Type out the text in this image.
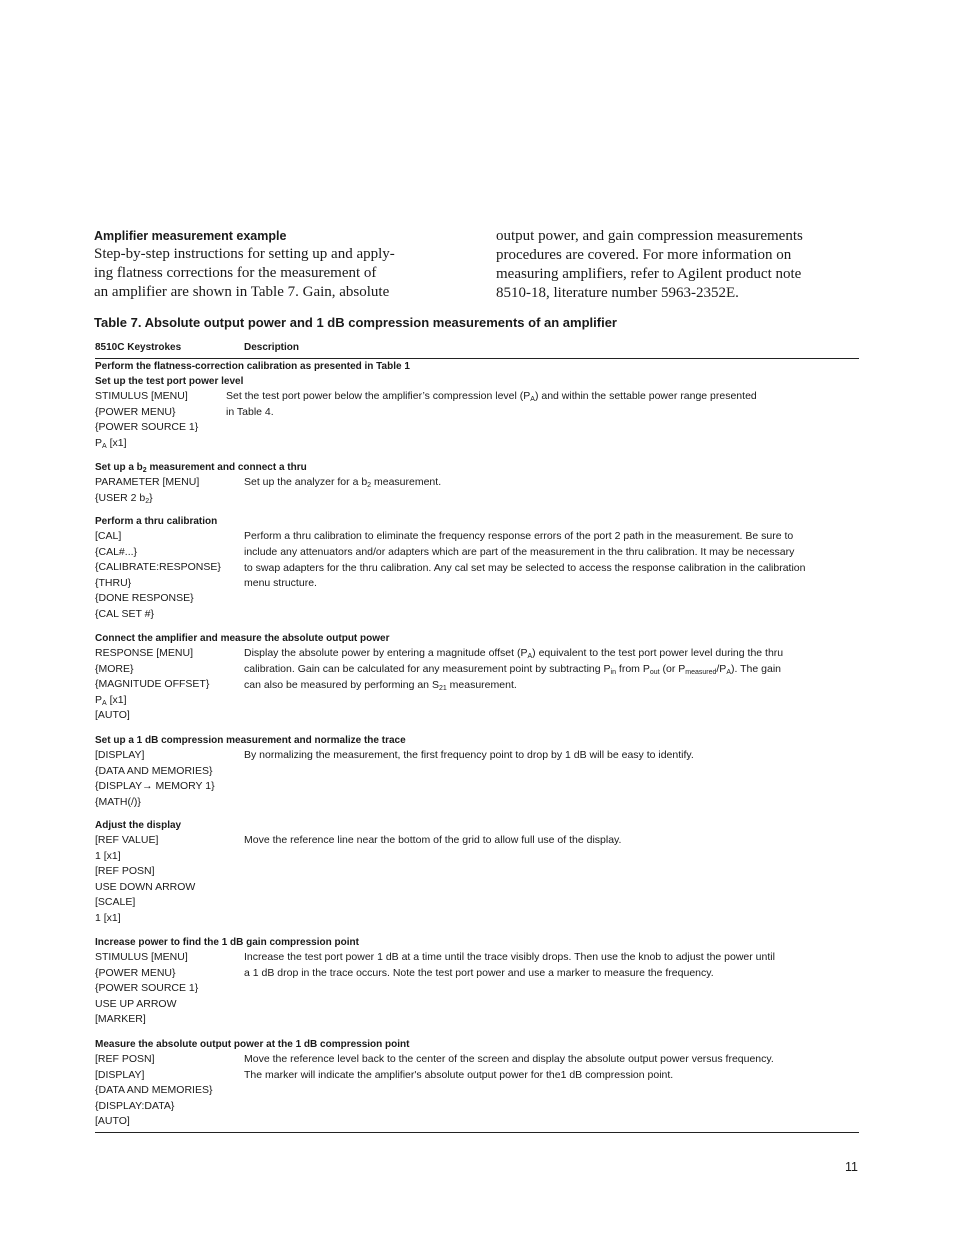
Amplifier measurement example

Step-by-step instructions for setting up and apply-
ing flatness corrections for the measurement of
an amplifier are shown in Table 7. Gain, absolute

output power, and gain compression measurements
procedures are covered. For more information on
measuring amplifiers, refer to Agilent product note
8510-18, literature number 5963-2352E.

Table 7. Absolute output power and 1 dB compression measurements of an amplifier

8510C Keystrokes	Description

Perform the flatness-correction calibration as presented in Table 1

Set up the test port power level

STIMULUS [MENU]
{POWER MENU}
{POWER SOURCE 1}
$P_A$ [x1]

Set the test port power below the amplifier’s compression level $(P_A)$ and within the settable power range presented
in Table 4.

Set up a $b_2$ measurement and connect a thru

PARAMETER [MENU]
{USER 2 $b_2$}

Set up the analyzer for a $b_2$ measurement.

Perform a thru calibration

[CAL]
{CAL#...}
{CALIBRATE:RESPONSE}
{THRU}
{DONE RESPONSE}
{CAL SET #}

Perform a thru calibration to eliminate the frequency response errors of the port 2 path in the measurement. Be sure to
include any attenuators and/or adapters which are part of the measurement in the thru calibration. It may be necessary
to swap adapters for the thru calibration. Any cal set may be selected to access the response calibration in the calibration
menu structure.

Connect the amplifier and measure the absolute output power

RESPONSE [MENU]
{MORE}
{MAGNITUDE OFFSET}
$P_A$ [x1]
[AUTO]

Display the absolute power by entering a magnitude offset $(P_A)$ equivalent to the test port power level during the thru
calibration. Gain can be calculated for any measurement point by subtracting $P_{in}$ from $P_{out}$ (or $P_{measured}/P_A$). The gain
can also be measured by performing an $S_{21}$ measurement.

Set up a 1 dB compression measurement and normalize the trace

[DISPLAY]
{DATA AND MEMORIES}
{DISPLAY→ MEMORY 1}
{MATH(/)}

By normalizing the measurement, the first frequency point to drop by 1 dB will be easy to identify.

Adjust the display

[REF VALUE]
1 [x1]
[REF POSN]
USE DOWN ARROW
[SCALE]
1 [x1]

Move the reference line near the bottom of the grid to allow full use of the display.

Increase power to find the 1 dB gain compression point

STIMULUS [MENU]
{POWER MENU}
{POWER SOURCE 1}
USE UP ARROW
[MARKER]

Increase the test port power 1 dB at a time until the trace visibly drops. Then use the knob to adjust the power until
a 1 dB drop in the trace occurs. Note the test port power and use a marker to measure the frequency.

Measure the absolute output power at the 1 dB compression point

[REF POSN]
[DISPLAY]
{DATA AND MEMORIES}
{DISPLAY:DATA}
[AUTO]

Move the reference level back to the center of the screen and display the absolute output power versus frequency.
The marker will indicate the amplifier's absolute output power for the1 dB compression point.

11
